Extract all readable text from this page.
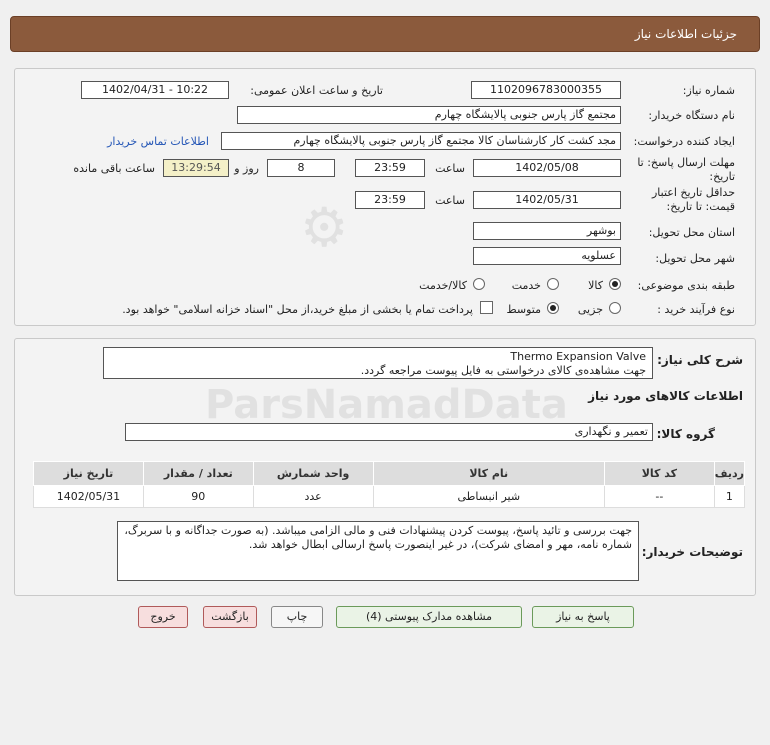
جزئیات اطلاعات نیاز
شماره نیاز:
1102096783000355
تاریخ و ساعت اعلان عمومی:
1402/04/31 - 10:22
نام دستگاه خریدار:
مجتمع گاز پارس جنوبی پالایشگاه چهارم
ایجاد کننده درخواست:
مجد کشت کار کارشناسان کالا مجتمع گاز پارس جنوبی پالایشگاه چهارم
اطلاعات تماس خریدار
مهلت ارسال پاسخ: تا
تاریخ:
1402/05/08
ساعت
23:59
8
روز و
13:29:54
ساعت باقی مانده
حداقل تاریخ اعتبار
قیمت: تا تاریخ:
1402/05/31
ساعت
23:59
استان محل تحویل:
بوشهر
شهر محل تحویل:
عسلویه
طبقه بندی موضوعی:
کالا
خدمت
کالا/خدمت
نوع فرآیند خرید :
جزیی
متوسط
پرداخت تمام یا بخشی از مبلغ خرید،از محل "اسناد خزانه اسلامی" خواهد بود.
شرح کلی نیاز:
Thermo Expansion Valve
جهت مشاهده‌ی کالای درخواستی به فایل پیوست مراجعه گردد.
اطلاعات کالاهای مورد نیاز
گروه کالا:
تعمیر و نگهداری
ردیف	کد کالا	نام کالا	واحد شمارش	تعداد / مقدار	تاریخ نیاز
1	--	شیر انبساطی	عدد	90	1402/05/31
توضیحات خریدار:
جهت بررسی و تائید پاسخ، پیوست کردن پیشنهادات فنی و مالی الزامی میباشد. (به صورت جداگانه و با سربرگ، شماره نامه، مهر و امضای شرکت)، در غیر اینصورت پاسخ ارسالی ابطال خواهد شد.
⚙
ParsNamadData
پاسخ به نیاز
مشاهده مدارک پیوستی (4)
چاپ
بازگشت
خروج
